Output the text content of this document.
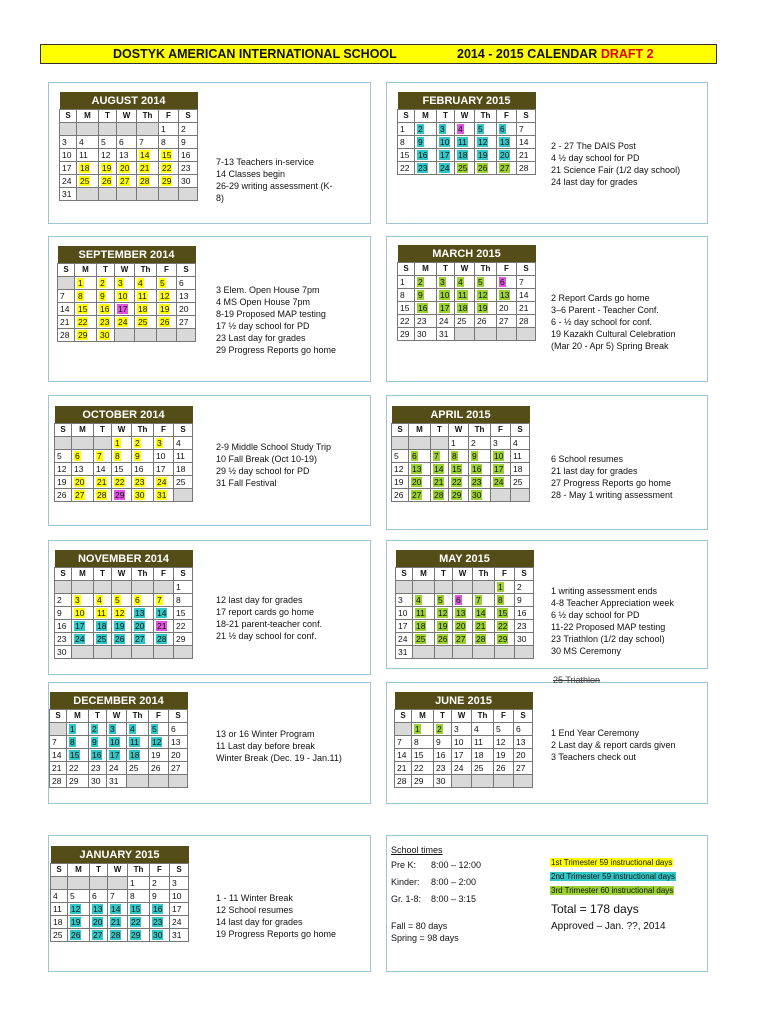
DOSTYK AMERICAN INTERNATIONAL SCHOOL	2014 - 2015 CALENDAR DRAFT 2
AUGUST 2014						
S	M	T	W	Th	F	S
					1	2
3	4	5	6	7	8	9
10	11	12	13	14	15	16
17	18	19	20	21	22	23
24	25	26	27	28	29	30
31						
FEBRUARY 2015						
S	M	T	W	Th	F	S
1	2	3	4	5	6	7
8	9	10	11	12	13	14
15	16	17	18	19	20	21
22	23	24	25	26	27	28
SEPTEMBER 2014						
S	M	T	W	Th	F	S
	1	2	3	4	5	6
7	8	9	10	11	12	13
14	15	16	17	18	19	20
21	22	23	24	25	26	27
28	29	30				
MARCH 2015						
S	M	T	W	Th	F	S
1	2	3	4	5	6	7
8	9	10	11	12	13	14
15	16	17	18	19	20	21
22	23	24	25	26	27	28
29	30	31				
OCTOBER 2014						
S	M	T	W	Th	F	S
			1	2	3	4
5	6	7	8	9	10	11
12	13	14	15	16	17	18
19	20	21	22	23	24	25
26	27	28	29	30	31	
APRIL 2015						
S	M	T	W	Th	F	S
			1	2	3	4
5	6	7	8	9	10	11
12	13	14	15	16	17	18
19	20	21	22	23	24	25
26	27	28	29	30		
NOVEMBER 2014						
S	M	T	W	Th	F	S
						1
2	3	4	5	6	7	8
9	10	11	12	13	14	15
16	17	18	19	20	21	22
23	24	25	26	27	28	29
30						
MAY 2015						
S	M	T	W	Th	F	S
					1	2
3	4	5	6	7	8	9
10	11	12	13	14	15	16
17	18	19	20	21	22	23
24	25	26	27	28	29	30
31						
DECEMBER 2014						
S	M	T	W	Th	F	S
	1	2	3	4	5	6
7	8	9	10	11	12	13
14	15	16	17	18	19	20
21	22	23	24	25	26	27
28	29	30	31			
JUNE 2015						
S	M	T	W	Th	F	S
	1	2	3	4	5	6
7	8	9	10	11	12	13
14	15	16	17	18	19	20
21	22	23	24	25	26	27
28	29	30				
JANUARY 2015						
S	M	T	W	Th	F	S
				1	2	3
4	5	6	7	8	9	10
11	12	13	14	15	16	17
18	19	20	21	22	23	24
25	26	27	28	29	30	31
7-13 Teachers in-service
14 Classes begin
26-29 writing assessment (K-
8)
2 - 27 The DAIS Post
4 ½ day school for PD
21 Science Fair (1/2 day school)
24 last day for grades
3 Elem. Open House 7pm
4 MS Open House 7pm
8-19 Proposed MAP testing
17 ½ day school for PD
23 Last day for grades
29 Progress Reports go home
2 Report Cards go home
3–6 Parent - Teacher Conf.
6 - ½ day school for conf.
19 Kazakh Cultural Celebration
(Mar 20 - Apr 5) Spring Break
2-9 Middle School Study Trip
10 Fall Break (Oct 10-19)
29 ½ day school for PD
31 Fall Festival
6 School resumes
21 last day for grades
27 Progress Reports go home
28 - May 1 writing assessment
12 last day for grades
17 report cards go home
18-21 parent-teacher conf.
21 ½ day school for conf.
1 writing assessment ends
4-8 Teacher Appreciation week
6 ½ day school for PD
11-22 Proposed MAP testing
23 Triathlon (1/2 day school)
30 MS Ceremony
13 or 16 Winter Program
11 Last day before break
Winter Break (Dec. 19 - Jan.11)
1 End Year Ceremony
2 Last day & report cards given
3 Teachers check out
1 - 11 Winter Break
12 School resumes
14 last day for grades
19 Progress Reports go home
25 Triathlon
School times
Pre K: 8:00 – 12:00
Kinder: 8:00 – 2:00
Gr. 1-8: 8:00 – 3:15
Fall = 80 days
Spring = 98 days
1st Trimester 59 instructional days
2nd Trimester 59 instructional days
3rd Trimester 60 instructional days
Total = 178 days
Approved – Jan. ??, 2014
